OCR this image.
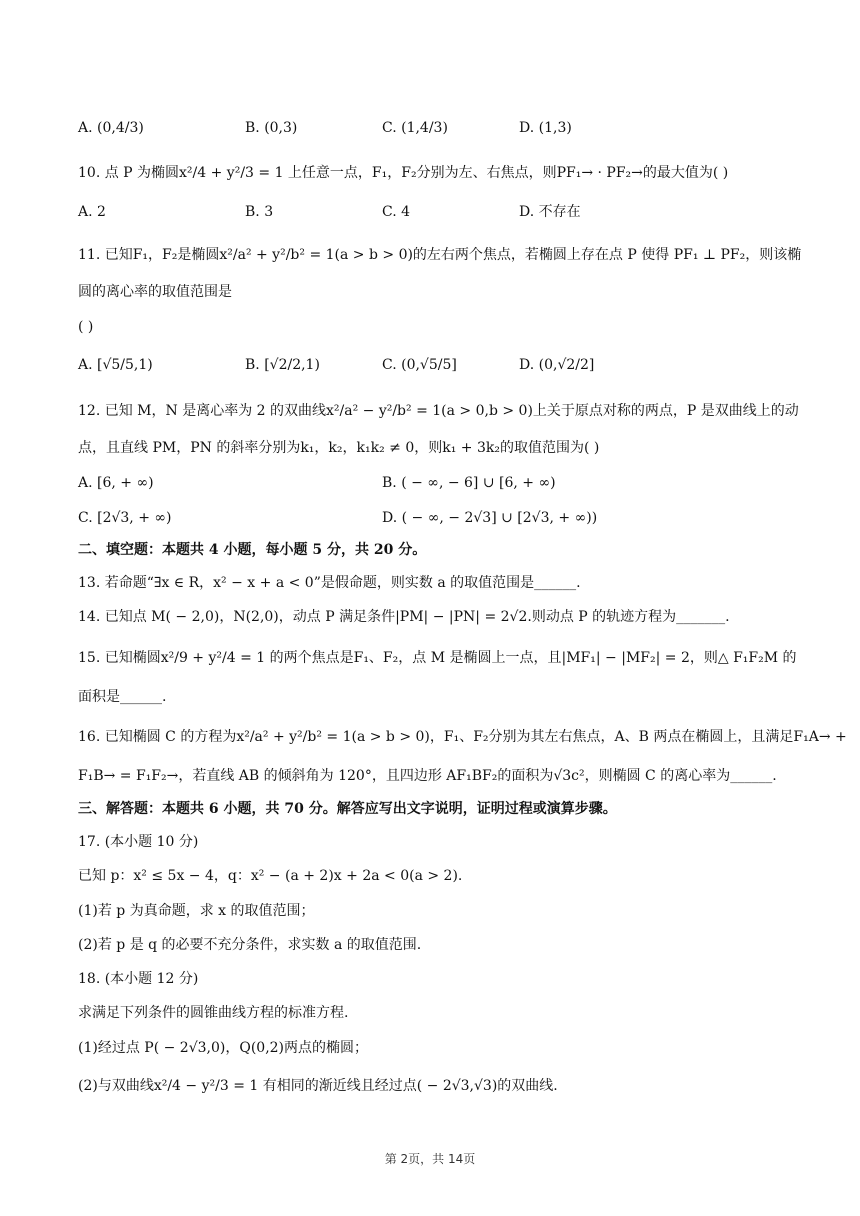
A. (0,4/3)	B. (0,3)	C. (1,4/3)	D. (1,3)
10. 点 P 为椭圆x²/4 + y²/3 = 1 上任意一点，F₁，F₂分别为左、右焦点，则PF₁→ · PF₂→的最大值为( )
A. 2	B. 3	C. 4	D. 不存在
11. 已知F₁，F₂是椭圆x²/a² + y²/b² = 1(a > b > 0)的左右两个焦点，若椭圆上存在点 P 使得 PF₁ ⊥ PF₂，则该椭
圆的离心率的取值范围是
( )
A. [√5/5,1)	B. [√2/2,1)	C. (0,√5/5]	D. (0,√2/2]
12. 已知 M，N 是离心率为 2 的双曲线x²/a² − y²/b² = 1(a > 0,b > 0)上关于原点对称的两点，P 是双曲线上的动
点，且直线 PM，PN 的斜率分别为k₁，k₂，k₁k₂ ≠ 0，则k₁ + 3k₂的取值范围为( )
A. [6, + ∞)	B. ( − ∞, − 6] ∪ [6, + ∞)
C. [2√3, + ∞)	D. ( − ∞, − 2√3] ∪ [2√3, + ∞))
二、填空题：本题共 4 小题，每小题 5 分，共 20 分。
13. 若命题“∃x ∈ R，x² − x + a < 0”是假命题，则实数 a 的取值范围是______.
14. 已知点 M( − 2,0)，N(2,0)，动点 P 满足条件|PM| − |PN| = 2√2.则动点 P 的轨迹方程为_______.
15. 已知椭圆x²/9 + y²/4 = 1 的两个焦点是F₁、F₂，点 M 是椭圆上一点，且|MF₁| − |MF₂| = 2，则△ F₁F₂M 的
面积是______.
16. 已知椭圆 C 的方程为x²/a² + y²/b² = 1(a > b > 0)，F₁、F₂分别为其左右焦点，A、B 两点在椭圆上，且满足F₁A→ +
F₁B→ = F₁F₂→，若直线 AB 的倾斜角为 120°，且四边形 AF₁BF₂的面积为√3c²，则椭圆 C 的离心率为______.
三、解答题：本题共 6 小题，共 70 分。解答应写出文字说明，证明过程或演算步骤。
17. (本小题 10 分)
已知 p：x² ≤ 5x − 4，q：x² − (a + 2)x + 2a < 0(a > 2).
(1)若 p 为真命题，求 x 的取值范围；
(2)若 p 是 q 的必要不充分条件，求实数 a 的取值范围.
18. (本小题 12 分)
求满足下列条件的圆锥曲线方程的标准方程.
(1)经过点 P( − 2√3,0)，Q(0,2)两点的椭圆；
(2)与双曲线x²/4 − y²/3 = 1 有相同的渐近线且经过点( − 2√3,√3)的双曲线.
第 2页，共 14页
